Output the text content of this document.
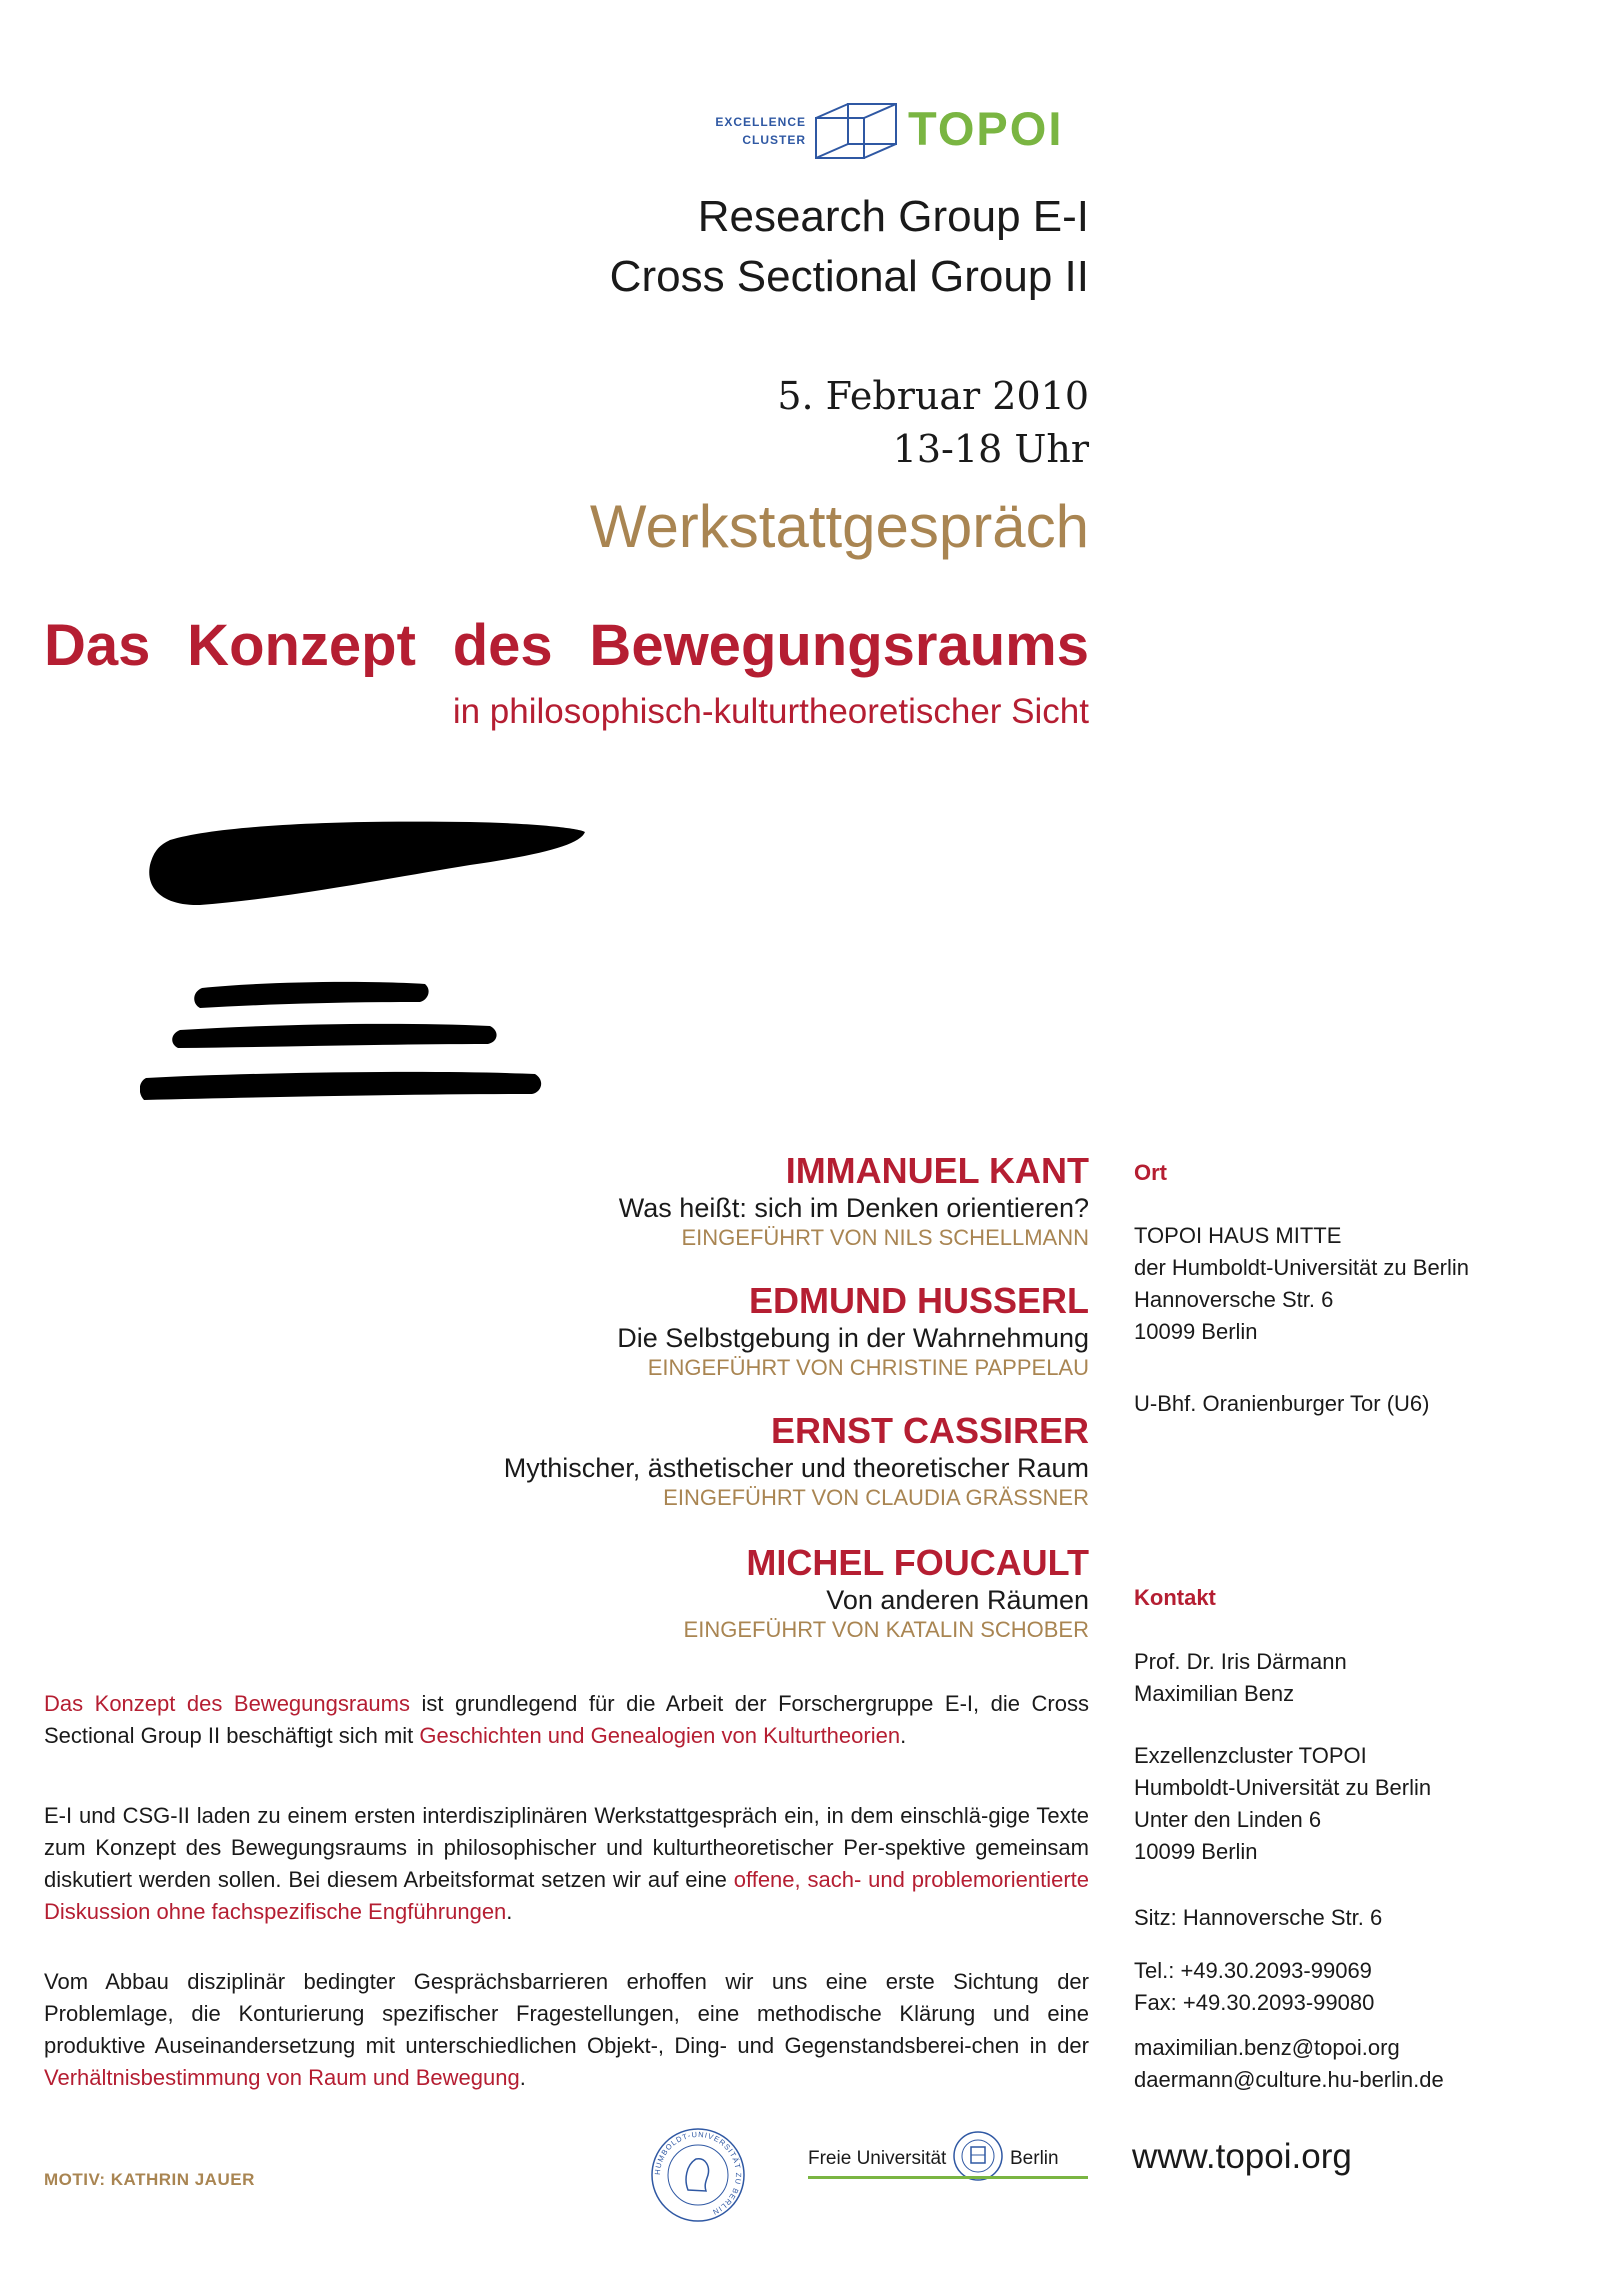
EXCELLENCE
CLUSTER TOPOI
Research Group E-I
Cross Sectional Group II
5. Februar 2010
13-18 Uhr
Werkstattgespräch
Das Konzept des Bewegungsraums
in philosophisch-kulturtheoretischer Sicht
IMMANUEL KANT
Was heißt: sich im Denken orientieren?
EINGEFÜHRT VON NILS SCHELLMANN
EDMUND HUSSERL
Die Selbstgebung in der Wahrnehmung
EINGEFÜHRT VON CHRISTINE PAPPELAU
ERNST CASSIRER
Mythischer, ästhetischer und theoretischer Raum
EINGEFÜHRT VON CLAUDIA GRÄSSNER
MICHEL FOUCAULT
Von anderen Räumen
EINGEFÜHRT VON KATALIN SCHOBER
Das Konzept des Bewegungsraums ist grundlegend für die Arbeit der Forschergruppe E-I, die Cross Sectional Group II beschäftigt sich mit Geschichten und Genealogien von Kulturtheorien.
E-I und CSG-II laden zu einem ersten interdisziplinären Werkstattgespräch ein, in dem einschlä-gige Texte zum Konzept des Bewegungsraums in philosophischer und kulturtheoretischer Per-spektive gemeinsam diskutiert werden sollen. Bei diesem Arbeitsformat setzen wir auf eine offene, sach- und problemorientierte Diskussion ohne fachspezifische Engführungen.
Vom Abbau disziplinär bedingter Gesprächsbarrieren erhoffen wir uns eine erste Sichtung der Problemlage, die Konturierung spezifischer Fragestellungen, eine methodische Klärung und eine produktive Auseinandersetzung mit unterschiedlichen Objekt-, Ding- und Gegenstandsberei-chen in der Verhältnisbestimmung von Raum und Bewegung.
Ort
TOPOI HAUS MITTE
der Humboldt-Universität zu Berlin
Hannoversche Str. 6
10099 Berlin
U-Bhf. Oranienburger Tor (U6)
Kontakt
Prof. Dr. Iris Därmann
Maximilian Benz
Exzellenzcluster TOPOI
Humboldt-Universität zu Berlin
Unter den Linden 6
10099 Berlin
Sitz: Hannoversche Str. 6
Tel.: +49.30.2093-99069
Fax: +49.30.2093-99080
maximilian.benz@topoi.org
daermann@culture.hu-berlin.de
www.topoi.org
MOTIV: KATHRIN JAUER	HUMBOLDT-UNIVERSITÄT ZU BERLIN
Freie Universität	Berlin
